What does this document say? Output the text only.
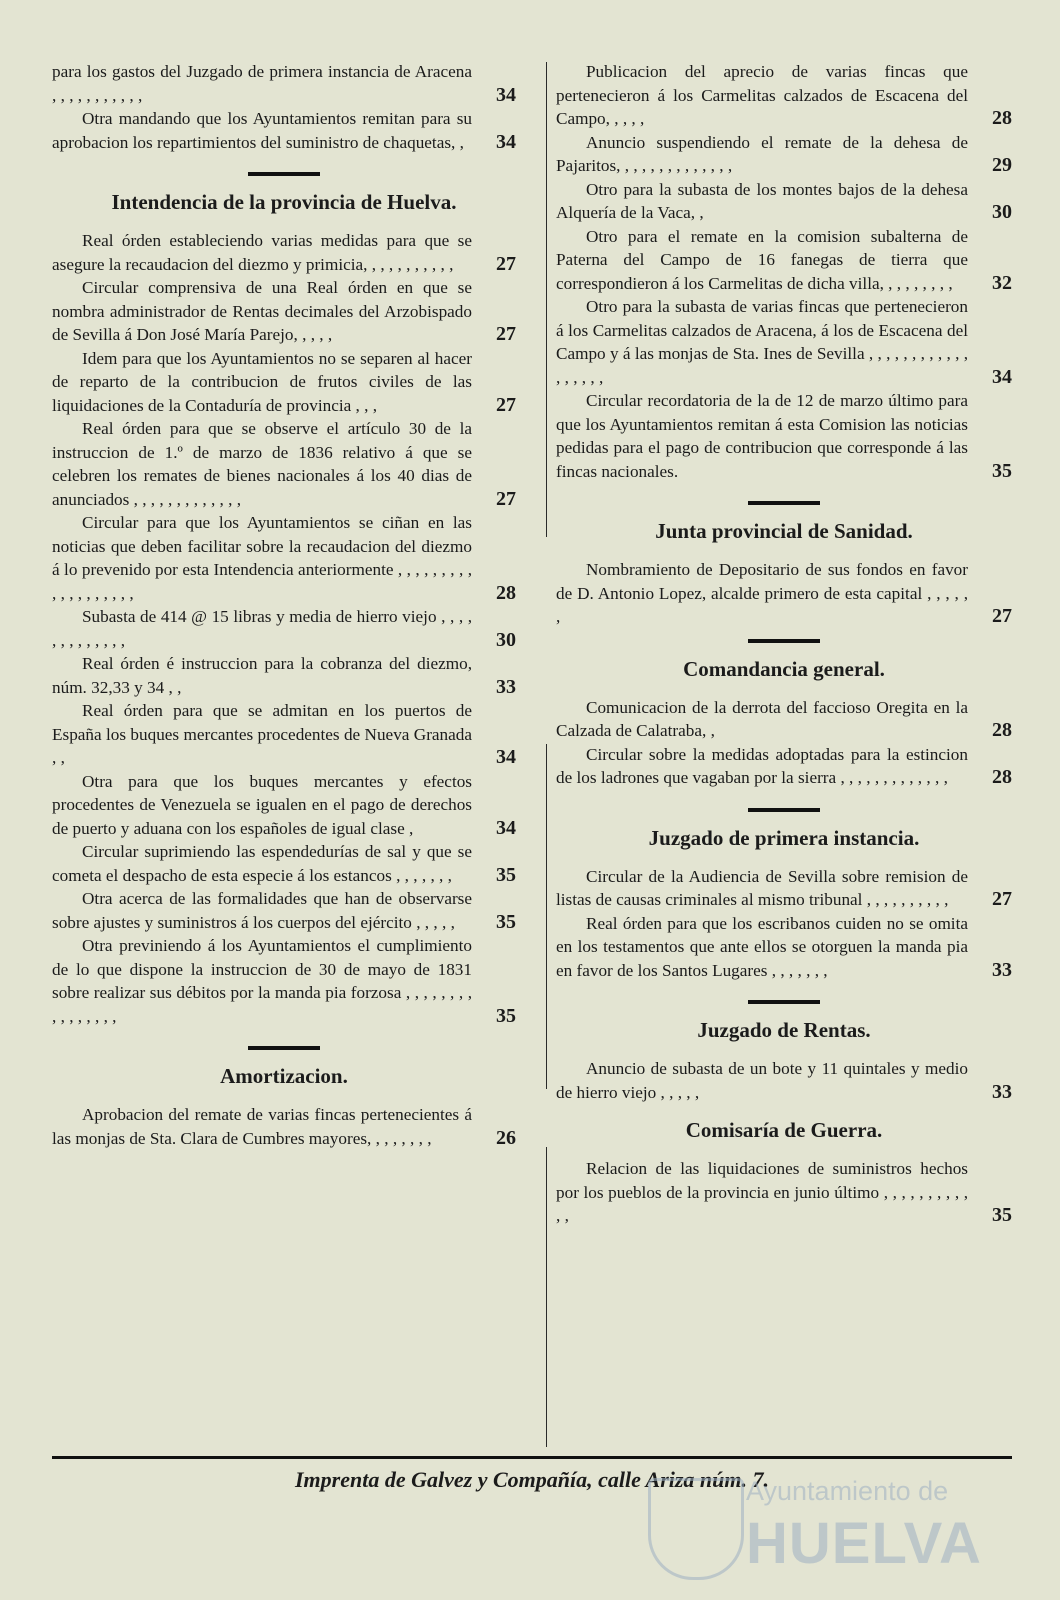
para los gastos del Juzgado de primera instancia de Aracena , , , , , , , , , , ,	34
Otra mandando que los Ayuntamientos remitan para su aprobacion los repartimientos del suministro de chaquetas, ,	34
Intendencia de la provincia de Huelva.
Real órden estableciendo varias medidas para que se asegure la recaudacion del diezmo y primicia, , , , , , , , , , ,	27
Circular comprensiva de una Real órden en que se nombra administrador de Rentas decimales del Arzobispado de Sevilla á Don José María Parejo, , , , ,	27
Idem para que los Ayuntamientos no se separen al hacer de reparto de la contribucion de frutos civiles de las liquidaciones de la Contaduría de provincia , , ,	27
Real órden para que se observe el artículo 30 de la instruccion de 1.º de marzo de 1836 relativo á que se celebren los remates de bienes nacionales á los 40 dias de anunciados , , , , , , , , , , , , ,	27
Circular para que los Ayuntamientos se ciñan en las noticias que deben facilitar sobre la recaudacion del diezmo á lo prevenido por esta Intendencia anteriormente , , , , , , , , , , , , , , , , , , ,	28
Subasta de 414 @ 15 libras y media de hierro viejo , , , , , , , , , , , , ,	30
Real órden é instruccion para la cobranza del diezmo, núm. 32,33 y 34 , ,	33
Real órden para que se admitan en los puertos de España los buques mercantes procedentes de Nueva Granada , ,	34
Otra para que los buques mercantes y efectos procedentes de Venezuela se igualen en el pago de derechos de puerto y aduana con los españoles de igual clase ,	34
Circular suprimiendo las espendedurías de sal y que se cometa el despacho de esta especie á los estancos , , , , , , ,	35
Otra acerca de las formalidades que han de observarse sobre ajustes y suministros á los cuerpos del ejército , , , , ,	35
Otra previniendo á los Ayuntamientos el cumplimiento de lo que dispone la instruccion de 30 de mayo de 1831 sobre realizar sus débitos por la manda pia forzosa , , , , , , , , , , , , , , , ,	35
Amortizacion.
Aprobacion del remate de varias fincas pertenecientes á las monjas de Sta. Clara de Cumbres mayores, , , , , , , ,	26
Publicacion del aprecio de varias fincas que pertenecieron á los Carmelitas calzados de Escacena del Campo, , , , ,	28
Anuncio suspendiendo el remate de la dehesa de Pajaritos, , , , , , , , , , , , , ,	29
Otro para la subasta de los montes bajos de la dehesa Alquería de la Vaca, ,	30
Otro para el remate en la comision subalterna de Paterna del Campo de 16 fanegas de tierra que correspondieron á los Carmelitas de dicha villa, , , , , , , , ,	32
Otro para la subasta de varias fincas que pertenecieron á los Carmelitas calzados de Aracena, á los de Escacena del Campo y á las monjas de Sta. Ines de Sevilla , , , , , , , , , , , , , , , , , ,	34
Circular recordatoria de la de 12 de marzo último para que los Ayuntamientos remitan á esta Comision las noticias pedidas para el pago de contribucion que corresponde á las fincas nacionales.	35
Junta provincial de Sanidad.
Nombramiento de Depositario de sus fondos en favor de D. Antonio Lopez, alcalde primero de esta capital , , , , , ,	27
Comandancia general.
Comunicacion de la derrota del faccioso Oregita en la Calzada de Calatraba, ,	28
Circular sobre la medidas adoptadas para la estincion de los ladrones que vagaban por la sierra , , , , , , , , , , , , ,	28
Juzgado de primera instancia.
Circular de la Audiencia de Sevilla sobre remision de listas de causas criminales al mismo tribunal , , , , , , , , , ,	27
Real órden para que los escribanos cuiden no se omita en los testamentos que ante ellos se otorguen la manda pia en favor de los Santos Lugares , , , , , , ,	33
Juzgado de Rentas.
Anuncio de subasta de un bote y 11 quintales y medio de hierro viejo , , , , ,	33
Comisaría de Guerra.
Relacion de las liquidaciones de suministros hechos por los pueblos de la provincia en junio último , , , , , , , , , , , ,	35
Imprenta de Galvez y Compañía, calle Ariza núm. 7.
Ayuntamiento de
HUELVA
